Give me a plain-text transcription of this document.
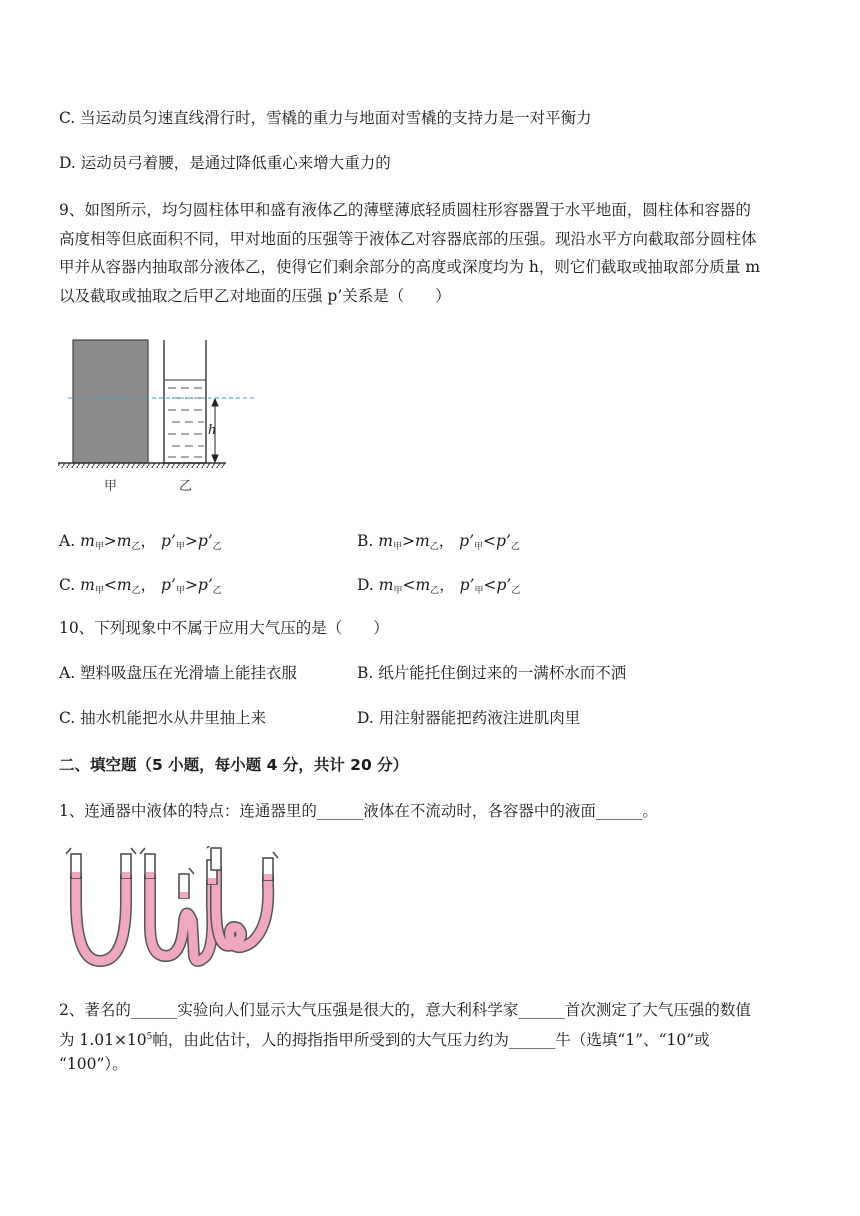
C. 当运动员匀速直线滑行时，雪橇的重力与地面对雪橇的支持力是一对平衡力
D. 运动员弓着腰，是通过降低重心来增大重力的
9、如图所示，均匀圆柱体甲和盛有液体乙的薄壁薄底轻质圆柱形容器置于水平地面，圆柱体和容器的
高度相等但底面积不同，甲对地面的压强等于液体乙对容器底部的压强。现沿水平方向截取部分圆柱体
甲并从容器内抽取部分液体乙，使得它们剩余部分的高度或深度均为 h，则它们截取或抽取部分质量 m
以及截取或抽取之后甲乙对地面的压强 p’关系是（　　）
h
甲	乙
A. $m_甲>m_乙$， $p’_甲>p’_乙$	B. $m_甲>m_乙$， $p’_甲<p’_乙$
C. $m_甲<m_乙$， $p’_甲>p’_乙$	D. $m_甲<m_乙$， $p’_甲<p’_乙$
10、下列现象中不属于应用大气压的是（　　）
A. 塑料吸盘压在光滑墙上能挂衣服	B. 纸片能托住倒过来的一满杯水而不洒
C. 抽水机能把水从井里抽上来	D. 用注射器能把药液注进肌肉里
二、填空题（5 小题，每小题 4 分，共计 20 分）
1、连通器中液体的特点：连通器里的______液体在不流动时，各容器中的液面______。
2、著名的______实验向人们显示大气压强是很大的，意大利科学家______首次测定了大气压强的数值
为 $1.01\times 10^5$帕，由此估计，人的拇指指甲所受到的大气压力约为______牛（选填“1”、“10”或
“100”）。
